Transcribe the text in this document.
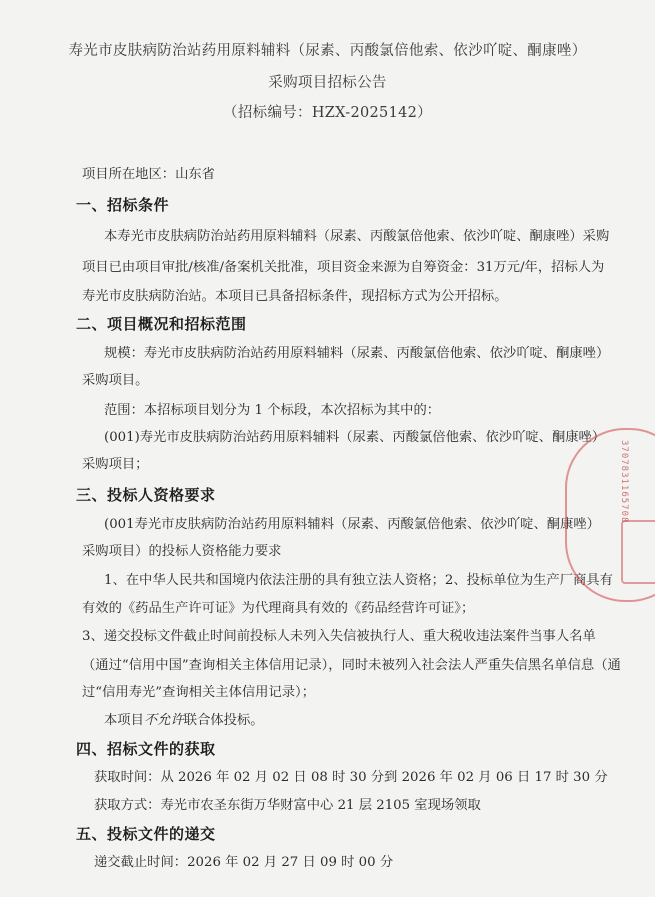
寿光市皮肤病防治站药用原料辅料（尿素、丙酸氯倍他索、依沙吖啶、酮康唑）
采购项目招标公告
（招标编号：HZX-2025142）
项目所在地区：山东省
一、招标条件
本寿光市皮肤病防治站药用原料辅料（尿素、丙酸氯倍他索、依沙吖啶、酮康唑）采购
项目已由项目审批/核准/备案机关批准，项目资金来源为自筹资金：31万元/年，招标人为
寿光市皮肤病防治站。本项目已具备招标条件，现招标方式为公开招标。
二、项目概况和招标范围
规模：寿光市皮肤病防治站药用原料辅料（尿素、丙酸氯倍他索、依沙吖啶、酮康唑）
采购项目。
范围：本招标项目划分为 1 个标段，本次招标为其中的：
(001)寿光市皮肤病防治站药用原料辅料（尿素、丙酸氯倍他索、依沙吖啶、酮康唑）
采购项目；
三、投标人资格要求
(001寿光市皮肤病防治站药用原料辅料（尿素、丙酸氯倍他索、依沙吖啶、酮康唑）
采购项目）的投标人资格能力要求
1、在中华人民共和国境内依法注册的具有独立法人资格；2、投标单位为生产厂商具有
有效的《药品生产许可证》为代理商具有效的《药品经营许可证》；
3、递交投标文件截止时间前投标人未列入失信被执行人、重大税收违法案件当事人名单
（通过“信用中国”查询相关主体信用记录），同时未被列入社会法人严重失信黑名单信息（通
过“信用寿光”查询相关主体信用记录）；
本项目不允许联合体投标。
四、招标文件的获取
获取时间：从 2026 年 02 月 02 日 08 时 30 分到 2026 年 02 月 06 日 17 时 30 分
获取方式：寿光市农圣东街万华财富中心 21 层 2105 室现场领取
五、投标文件的递交
递交截止时间：2026 年 02 月 27 日 09 时 00 分
3707831165708
